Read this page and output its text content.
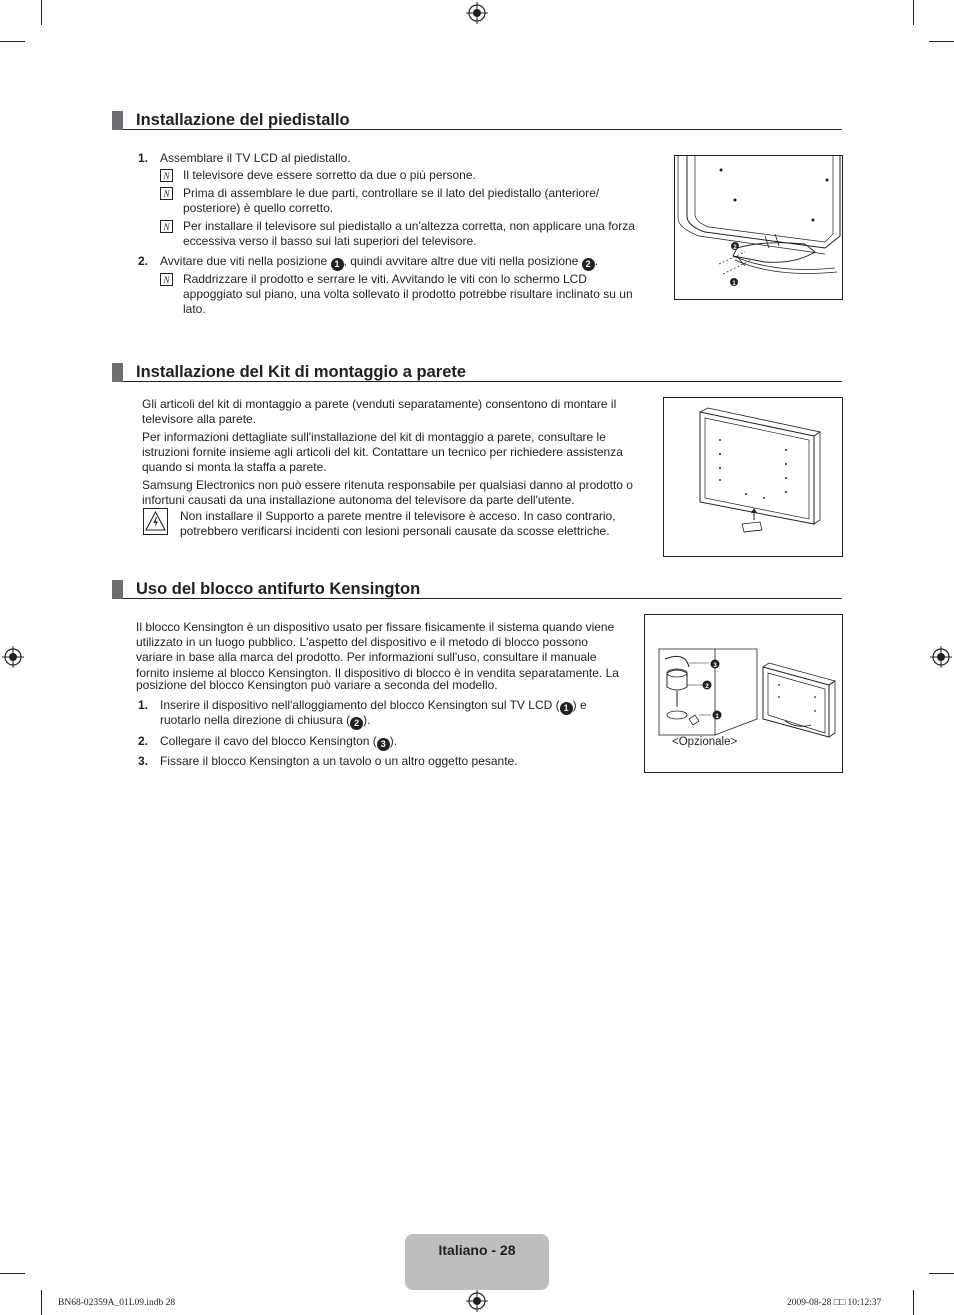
Installazione del piedistallo
1. Assemblare il TV LCD al piedistallo.
N Il televisore deve essere sorretto da due o più persone.
N Prima di assemblare le due parti, controllare se il lato del piedistallo (anteriore/
posteriore) è quello corretto.
N Per installare il televisore sul piedistallo a un'altezza corretta, non applicare una forza
eccessiva verso il basso sui lati superiori del televisore.
2. Avvitare due viti nella posizione 1 , quindi avvitare altre due viti nella posizione 2 .
N Raddrizzare il prodotto e serrare le viti. Avvitando le viti con lo schermo LCD
appoggiato sul piano, una volta sollevato il prodotto potrebbe risultare inclinato su un
lato.
2
1
Installazione del Kit di montaggio a parete
Gli articoli del kit di montaggio a parete (venduti separatamente) consentono di montare il
televisore alla parete.
Per informazioni dettagliate sull'installazione del kit di montaggio a parete, consultare le
istruzioni fornite insieme agli articoli del kit. Contattare un tecnico per richiedere assistenza
quando si monta la staffa a parete.
Samsung Electronics non può essere ritenuta responsabile per qualsiasi danno al prodotto o
infortuni causati da una installazione autonoma del televisore da parte dell'utente.
Non installare il Supporto a parete mentre il televisore è acceso. In caso contrario,
potrebbero verificarsi incidenti con lesioni personali causate da scosse elettriche.
Uso del blocco antifurto Kensington
Il blocco Kensington è un dispositivo usato per fissare fisicamente il sistema quando viene
utilizzato in un luogo pubblico. L'aspetto del dispositivo e il metodo di blocco possono
variare in base alla marca del prodotto. Per informazioni sull'uso, consultare il manuale
fornito insieme al blocco Kensington. Il dispositivo di blocco è in vendita separatamente. La
posizione del blocco Kensington può variare a seconda del modello.
1. Inserire il dispositivo nell'alloggiamento del blocco Kensington sul TV LCD ( 1 ) e
ruotarlo nella direzione di chiusura ( 2 ).
2. Collegare il cavo del blocco Kensington ( 3 ).
3. Fissare il blocco Kensington a un tavolo o un altro oggetto pesante.
3
2
1
<Opzionale>
Italiano - 28
BN68-02359A_01L09.indb 28	2009-08-28 □□ 10:12:37
